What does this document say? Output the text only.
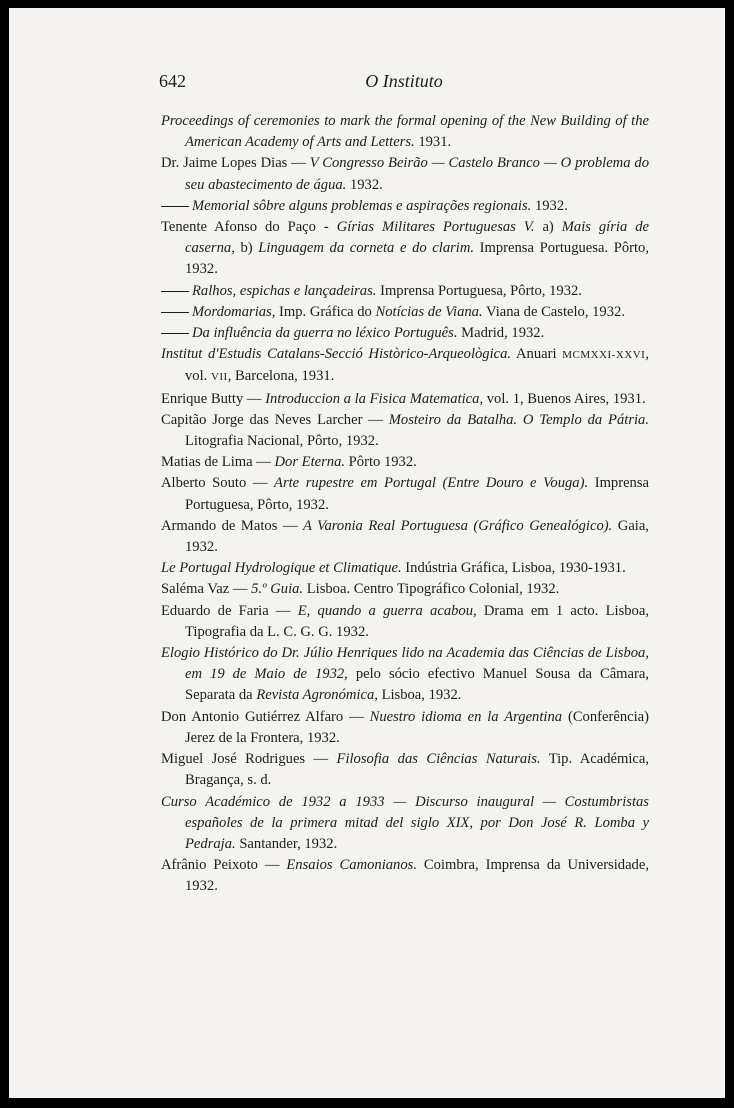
642	O Instituto

Proceedings of ceremonies to mark the formal opening of the New Building of the American Academy of Arts and Letters. 1931.

Dr. Jaime Lopes Dias — V Congresso Beirão — Castelo Branco — O problema do seu abastecimento de água. 1932.

Memorial sôbre alguns problemas e aspirações regionais. 1932.

Tenente Afonso do Paço - Gírias Militares Portuguesas V. a) Mais gíria de caserna, b) Linguagem da corneta e do clarim. Imprensa Portuguesa. Pôrto, 1932.

Ralhos, espichas e lançadeiras. Imprensa Portuguesa, Pôrto, 1932.

Mordomarias, Imp. Gráfica do Notícias de Viana. Viana de Castelo, 1932.

Da influência da guerra no léxico Português. Madrid, 1932.

Institut d'Estudis Catalans-Secció Històrico-Arqueològica. Anuari MCMXXI-XXVI, vol. VII, Barcelona, 1931.

Enrique Butty — Introduccion a la Fisica Matematica, vol. 1, Buenos Aires, 1931.

Capitão Jorge das Neves Larcher — Mosteiro da Batalha. O Templo da Pátria. Litografia Nacional, Pôrto, 1932.

Matias de Lima — Dor Eterna. Pôrto 1932.

Alberto Souto — Arte rupestre em Portugal (Entre Douro e Vouga). Imprensa Portuguesa, Pôrto, 1932.

Armando de Matos — A Varonia Real Portuguesa (Gráfico Genealógico). Gaia, 1932.

Le Portugal Hydrologique et Climatique. Indústria Gráfica, Lisboa, 1930-1931.

Saléma Vaz — 5.º Guia. Lisboa. Centro Tipográfico Colonial, 1932.

Eduardo de Faria — E, quando a guerra acabou, Drama em 1 acto. Lisboa, Tipografia da L. C. G. G. 1932.

Elogio Histórico do Dr. Júlio Henriques lido na Academia das Ciências de Lisboa, em 19 de Maio de 1932, pelo sócio efectivo Manuel Sousa da Câmara, Separata da Revista Agronómica, Lisboa, 1932.

Don Antonio Gutiérrez Alfaro — Nuestro idioma en la Argentina (Conferência) Jerez de la Frontera, 1932.

Miguel José Rodrigues — Filosofia das Ciências Naturais. Tip. Académica, Bragança, s. d.

Curso Académico de 1932 a 1933 — Discurso inaugural — Costumbristas españoles de la primera mitad del siglo XIX, por Don José R. Lomba y Pedraja. Santander, 1932.

Afrânio Peixoto — Ensaios Camonianos. Coimbra, Imprensa da Universidade, 1932.
